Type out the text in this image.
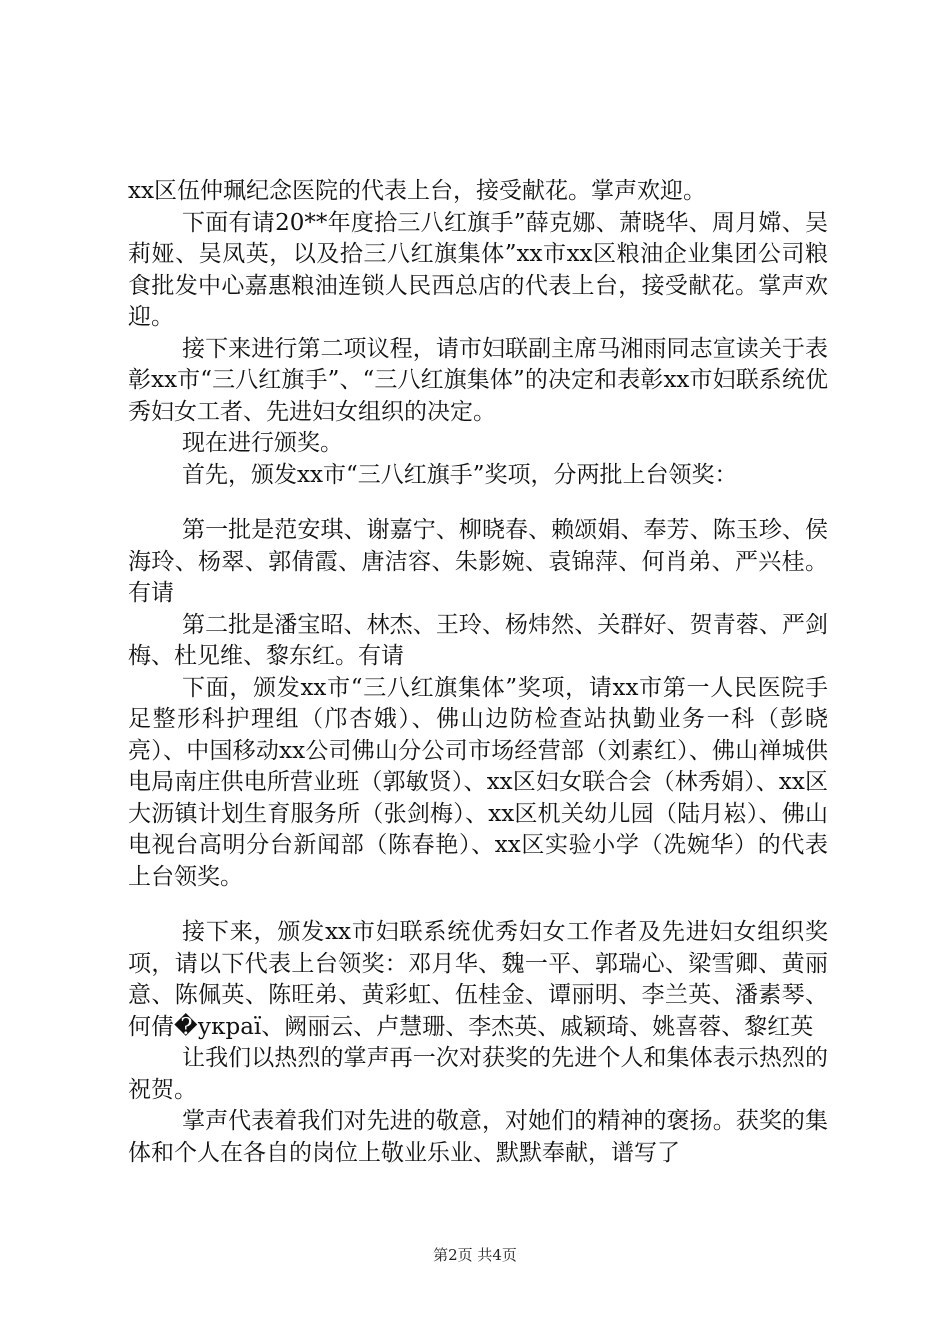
xx区伍仲珮纪念医院的代表上台，接受献花。掌声欢迎。

下面有请20**年度拾三八红旗手”薛克娜、萧晓华、周月嫦、吴莉娅、吴凤英，以及拾三八红旗集体”xx市xx区粮油企业集团公司粮食批发中心嘉惠粮油连锁人民西总店的代表上台，接受献花。掌声欢迎。

接下来进行第二项议程，请市妇联副主席马湘雨同志宣读关于表彰xx市“三八红旗手”、“三八红旗集体”的决定和表彰xx市妇联系统优秀妇女工者、先进妇女组织的决定。

现在进行颁奖。

首先，颁发xx市“三八红旗手”奖项，分两批上台领奖：

第一批是范安琪、谢嘉宁、柳晓春、赖颂娟、奉芳、陈玉珍、侯海玲、杨翠、郭倩霞、唐洁容、朱影婉、袁锦萍、何肖弟、严兴桂。有请

第二批是潘宝昭、林杰、王玲、杨炜然、关群好、贺青蓉、严剑梅、杜见维、黎东红。有请

下面，颁发xx市“三八红旗集体”奖项，请xx市第一人民医院手足整形科护理组（邝杏娥）、佛山边防检查站执勤业务一科（彭晓亮）、中国移动xx公司佛山分公司市场经营部（刘素红）、佛山禅城供电局南庄供电所营业班（郭敏贤）、xx区妇女联合会（林秀娟）、xx区大沥镇计划生育服务所（张剑梅）、xx区机关幼儿园（陆月崧）、佛山电视台高明分台新闻部（陈春艳）、xx区实验小学（冼婉华）的代表上台领奖。

接下来，颁发xx市妇联系统优秀妇女工作者及先进妇女组织奖项，请以下代表上台领奖：邓月华、魏一平、郭瑞心、梁雪卿、黄丽意、陈佩英、陈旺弟、黄彩虹、伍桂金、谭丽明、李兰英、潘素琴、何倩�украї、阙丽云、卢慧珊、李杰英、戚颖琦、姚喜蓉、黎红英

让我们以热烈的掌声再一次对获奖的先进个人和集体表示热烈的祝贺。

掌声代表着我们对先进的敬意，对她们的精神的褒扬。获奖的集体和个人在各自的岗位上敬业乐业、默默奉献，谱写了

第2页 共4页
